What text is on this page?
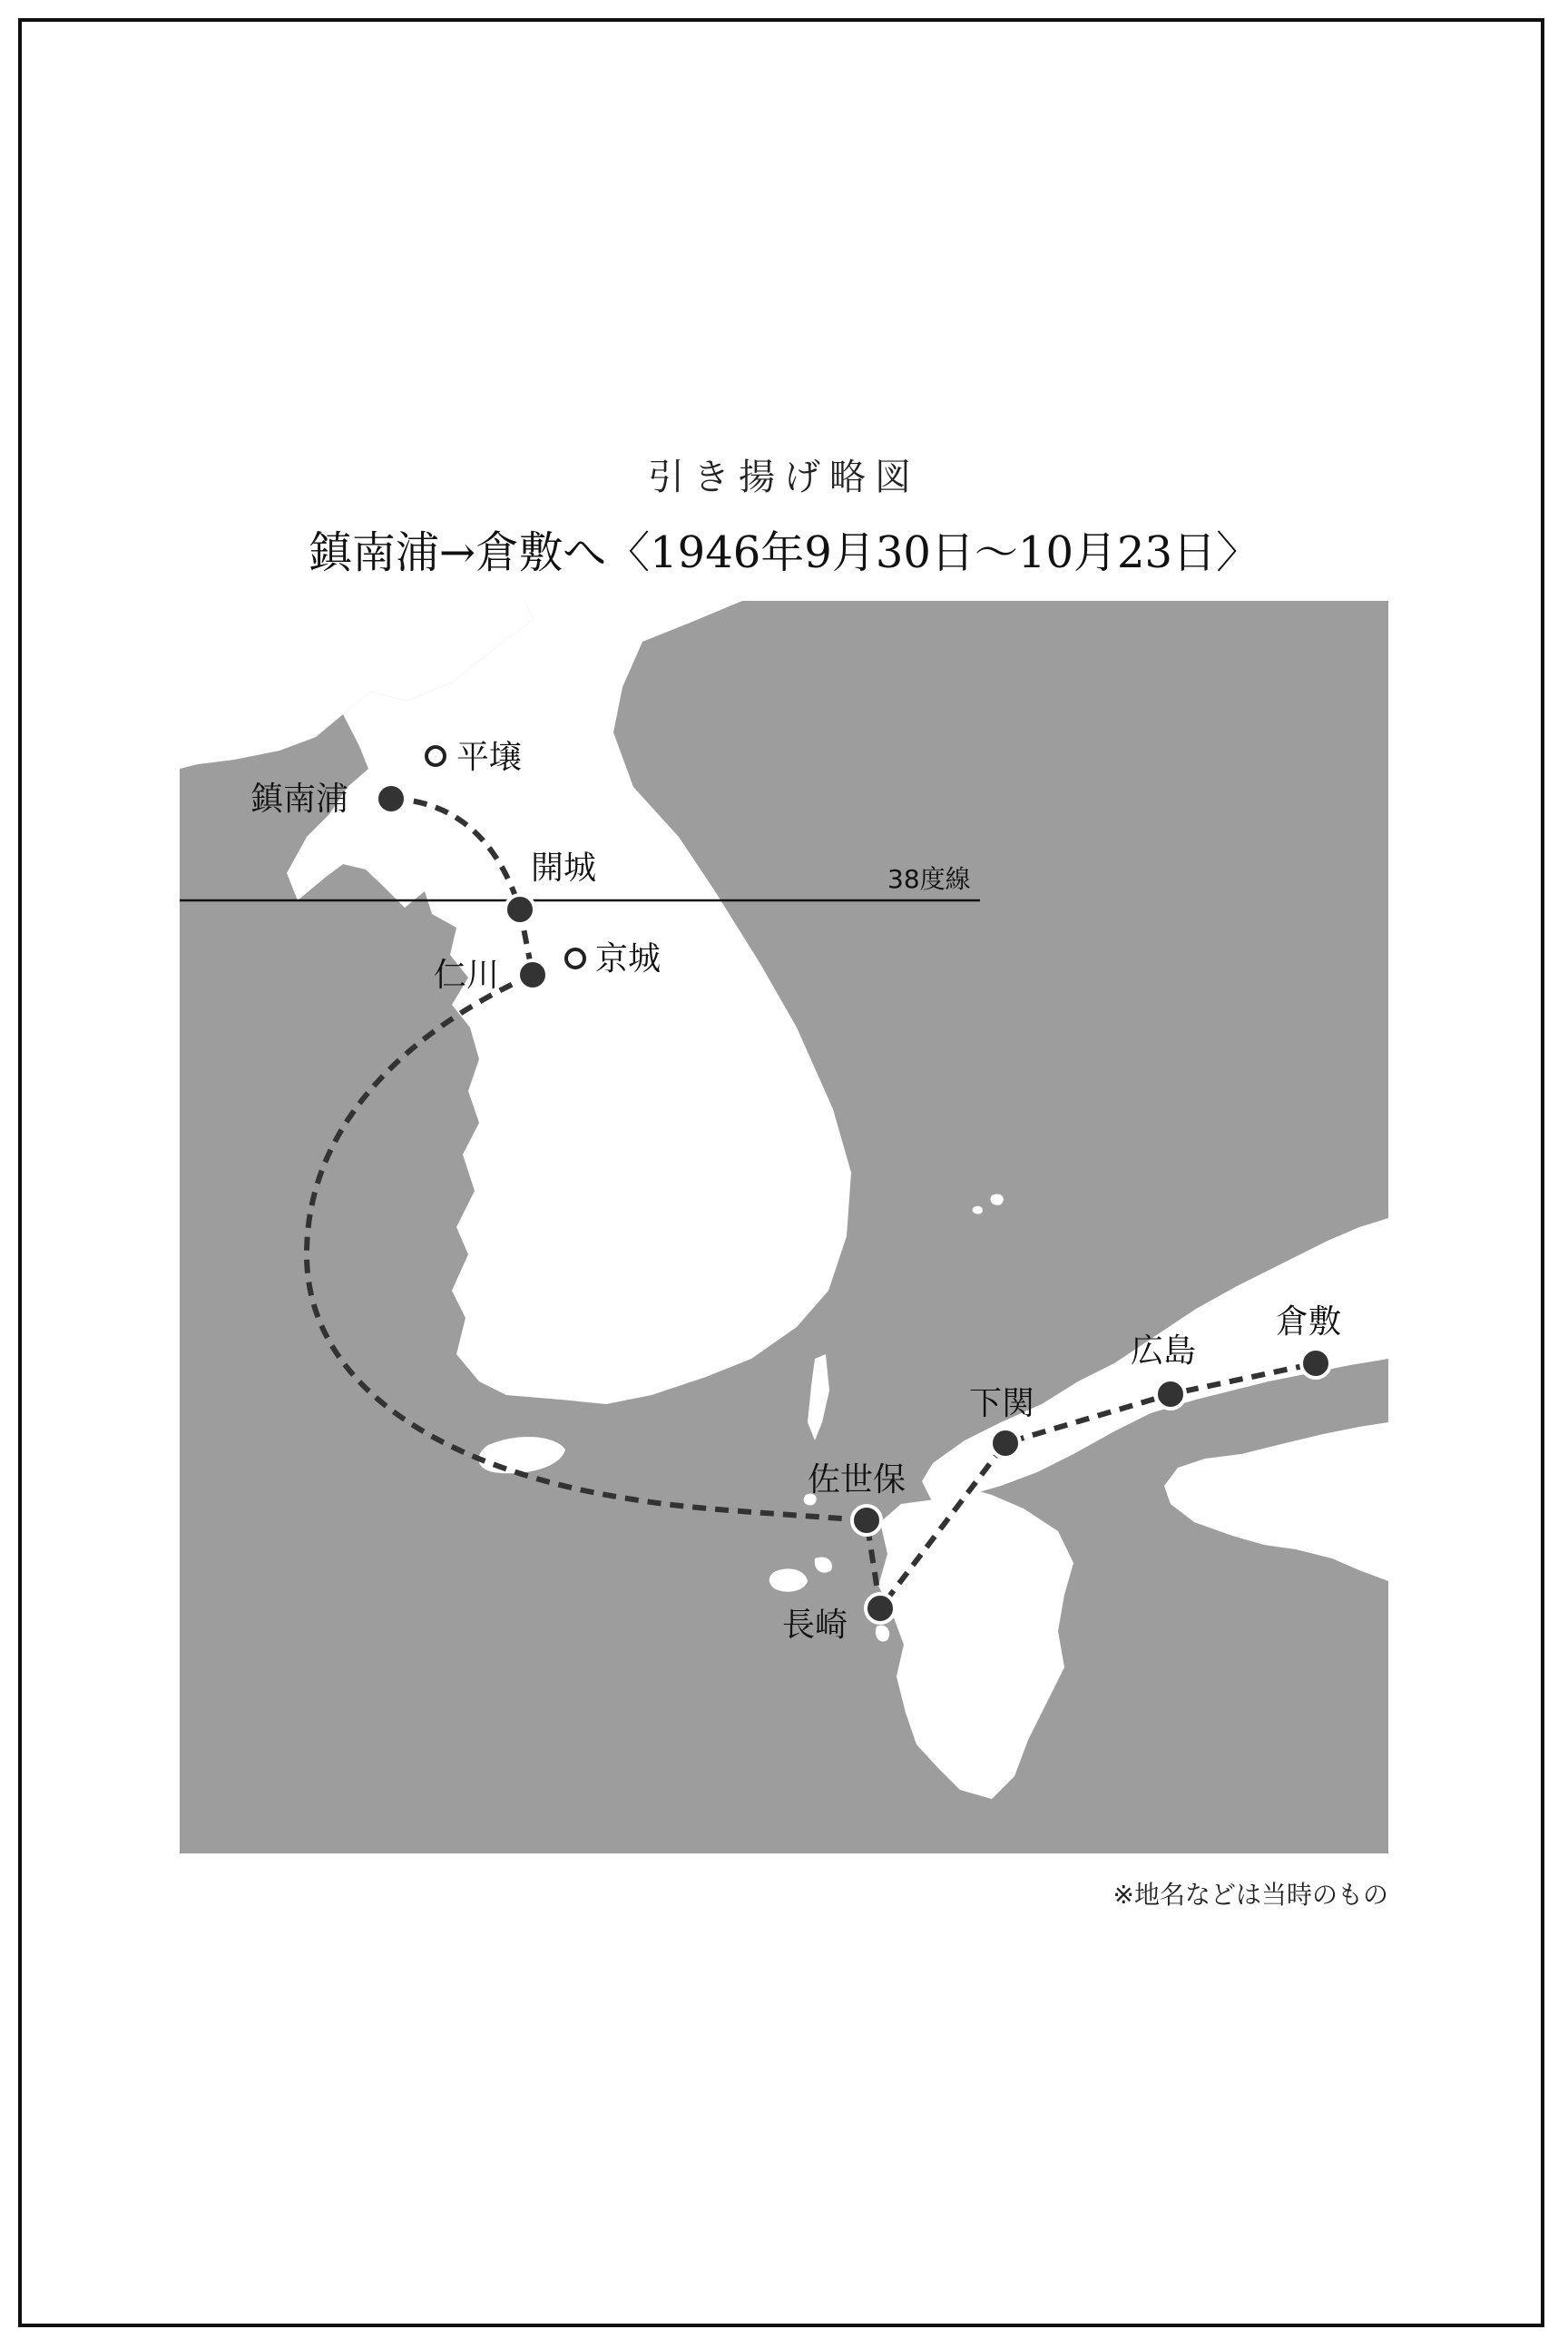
引き揚げ略図
鎮南浦→倉敷へ〈1946年9月30日～10月23日〉
38度線
平壌
鎮南浦
開城
京城
仁川
佐世保
長崎
下関
広島
倉敷
※地名などは当時のもの
